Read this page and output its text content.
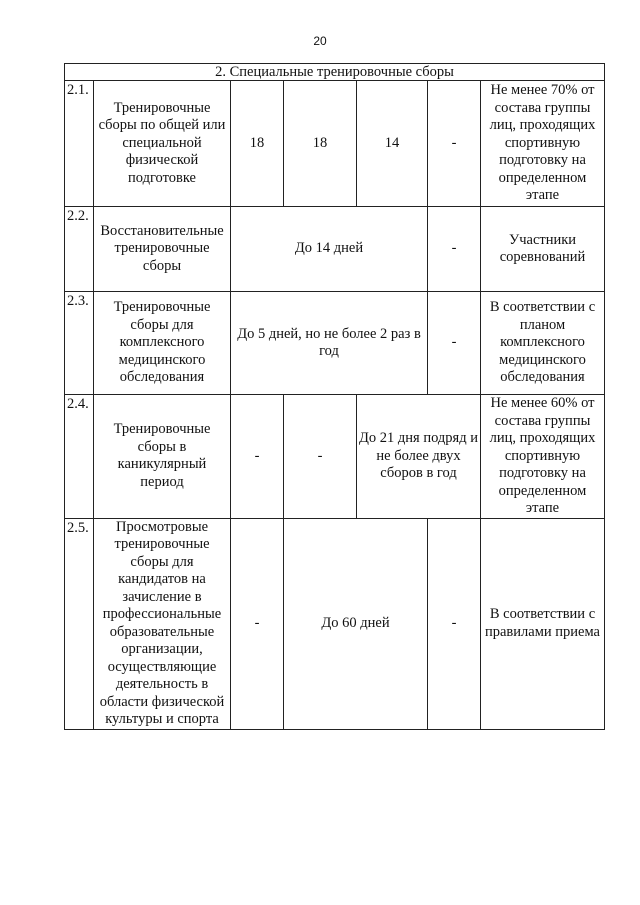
20
2. Специальные тренировочные сборы						
2.1.	Тренировочные сборы по общей или специальной физической подготовке	18	18	14	-	Не менее 70% от состава группы лиц, проходящих спортивную подготовку на определенном этапе
2.2.	Восстановительные тренировочные сборы	До 14 дней			-	Участники соревнований
2.3.	Тренировочные сборы для комплексного медицинского обследования	До 5 дней, но не более 2 раз в год			-	В соответствии с планом комплексного медицинского обследования
2.4.	Тренировочные сборы в каникулярный период	-	-	До 21 дня подряд и не более двух сборов в год		Не менее 60% от состава группы лиц, проходящих спортивную подготовку на определенном этапе
2.5.	Просмотровые тренировочные сборы для кандидатов на зачисление в профессиональные образовательные организации, осуществляющие деятельность в области физической культуры и спорта	-	До 60 дней		-	В соответствии с правилами приема
